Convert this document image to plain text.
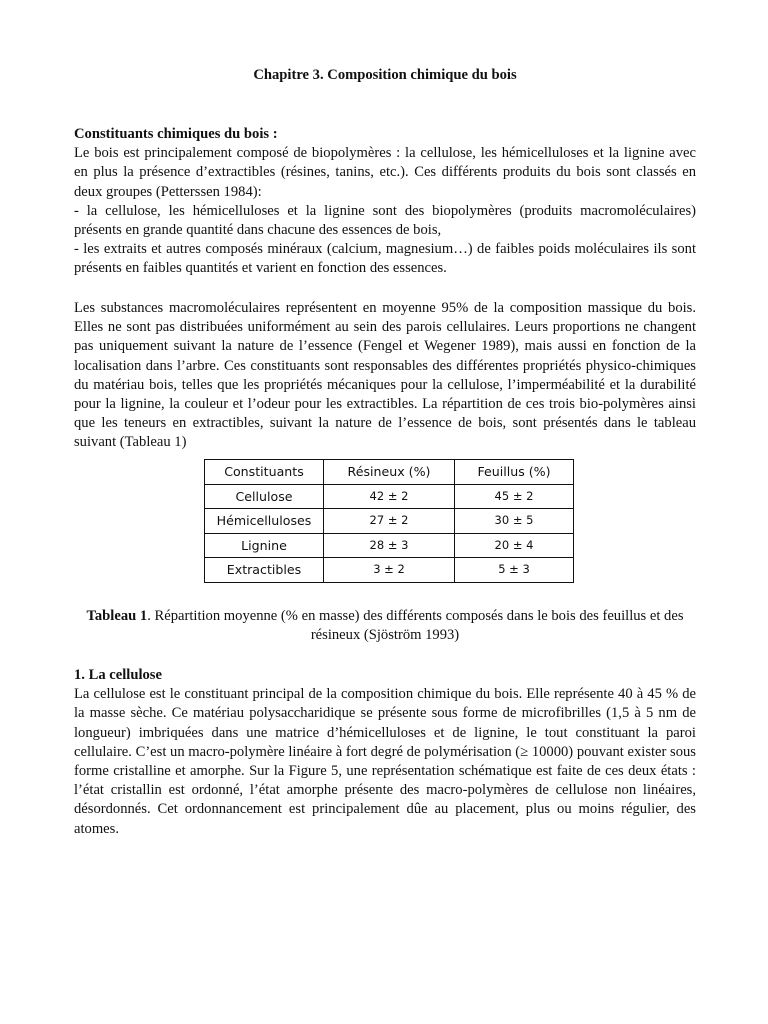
Chapitre 3. Composition chimique du bois

Constituants chimiques du bois :

Le bois est principalement composé de biopolymères : la cellulose, les hémicelluloses et la lignine avec en plus la présence d’extractibles (résines, tanins, etc.). Ces différents produits du bois sont classés en deux groupes (Petterssen 1984):

- la cellulose, les hémicelluloses et la lignine sont des biopolymères (produits macromoléculaires) présents en grande quantité dans chacune des essences de bois,

- les extraits et autres composés minéraux (calcium, magnesium…) de faibles poids moléculaires ils sont présents en faibles quantités et varient en fonction des essences.

Les substances macromoléculaires représentent en moyenne 95% de la composition massique du bois. Elles ne sont pas distribuées uniformément au sein des parois cellulaires. Leurs proportions ne changent pas uniquement suivant la nature de l’essence (Fengel et Wegener 1989), mais aussi en fonction de la localisation dans l’arbre. Ces constituants sont responsables des différentes propriétés physico-chimiques du matériau bois, telles que les propriétés mécaniques pour la cellulose, l’imperméabilité et la durabilité pour la lignine, la couleur et l’odeur pour les extractibles. La répartition de ces trois bio-polymères ainsi que les teneurs en extractibles, suivant la nature de l’essence de bois, sont présentés dans le tableau suivant (Tableau 1)

Constituants	Résineux (%)	Feuillus (%)
Cellulose	42 ± 2	45 ± 2
Hémicelluloses	27 ± 2	30 ± 5
Lignine	28 ± 3	20 ± 4
Extractibles	3 ± 2	5 ± 3
Tableau 1. Répartition moyenne (% en masse) des différents composés dans le bois des feuillus et des résineux (Sjöström 1993)

1. La cellulose

La cellulose est le constituant principal de la composition chimique du bois. Elle représente 40 à 45 % de la masse sèche. Ce matériau polysaccharidique se présente sous forme de microfibrilles (1,5 à 5 nm de longueur) imbriquées dans une matrice d’hémicelluloses et de lignine, le tout constituant la paroi cellulaire. C’est un macro-polymère linéaire à fort degré de polymérisation (≥ 10000) pouvant exister sous forme cristalline et amorphe. Sur la Figure 5, une représentation schématique est faite de ces deux états : l’état cristallin est ordonné, l’état amorphe présente des macro-polymères de cellulose non linéaires, désordonnés. Cet ordonnancement est principalement dûe au placement, plus ou moins régulier, des atomes.
